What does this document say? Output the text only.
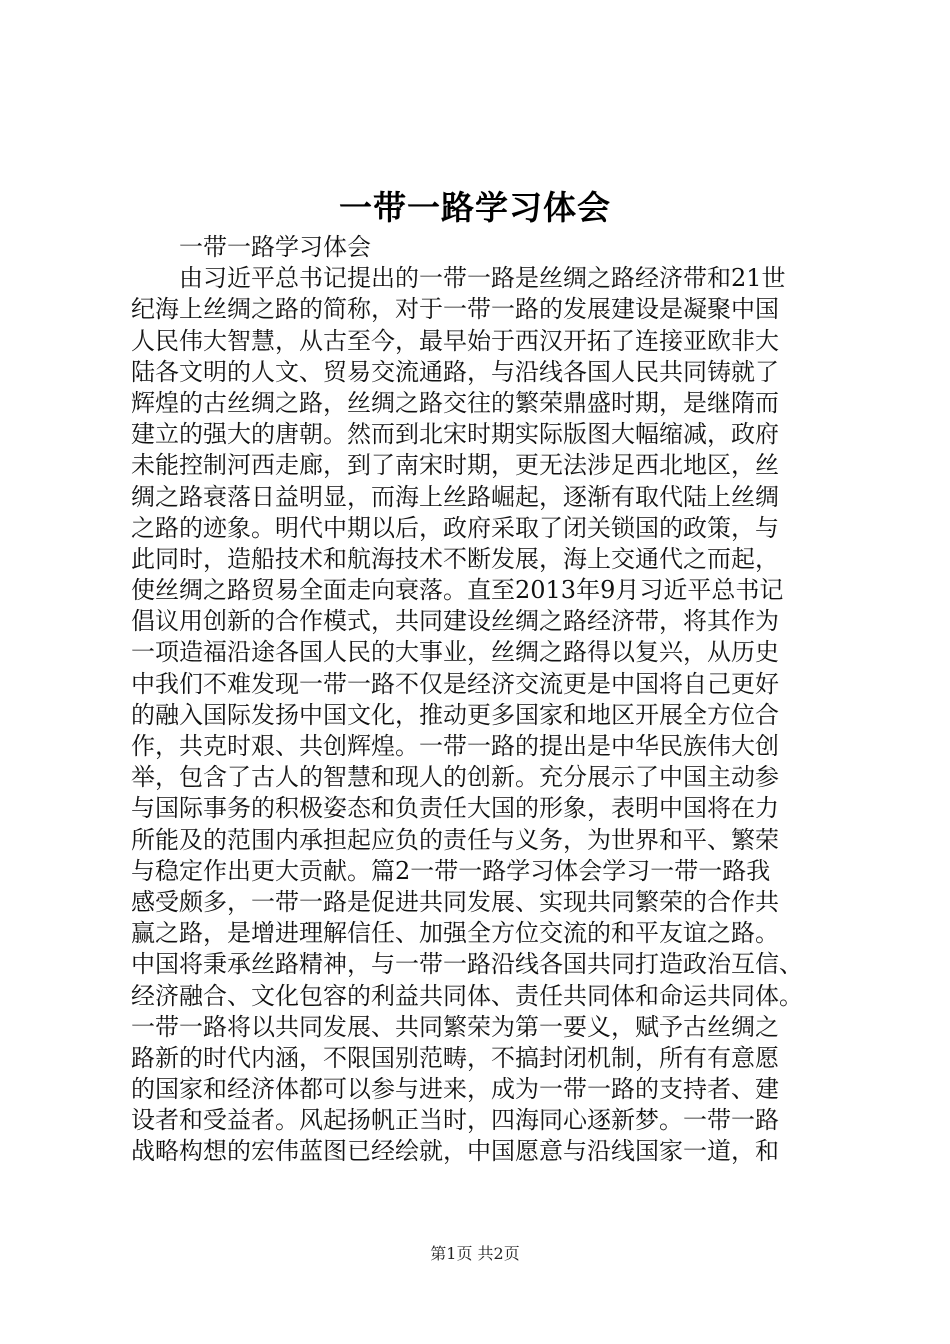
一带一路学习体会
一带一路学习体会
由习近平总书记提出的一带一路是丝绸之路经济带和21世
纪海上丝绸之路的简称，对于一带一路的发展建设是凝聚中国
人民伟大智慧，从古至今，最早始于西汉开拓了连接亚欧非大
陆各文明的人文、贸易交流通路，与沿线各国人民共同铸就了
辉煌的古丝绸之路，丝绸之路交往的繁荣鼎盛时期，是继隋而
建立的强大的唐朝。然而到北宋时期实际版图大幅缩减，政府
未能控制河西走廊，到了南宋时期，更无法涉足西北地区，丝
绸之路衰落日益明显，而海上丝路崛起，逐渐有取代陆上丝绸
之路的迹象。明代中期以后，政府采取了闭关锁国的政策，与
此同时，造船技术和航海技术不断发展，海上交通代之而起，
使丝绸之路贸易全面走向衰落。直至2013年9月习近平总书记
倡议用创新的合作模式，共同建设丝绸之路经济带，将其作为
一项造福沿途各国人民的大事业，丝绸之路得以复兴，从历史
中我们不难发现一带一路不仅是经济交流更是中国将自己更好
的融入国际发扬中国文化，推动更多国家和地区开展全方位合
作，共克时艰、共创辉煌。一带一路的提出是中华民族伟大创
举，包含了古人的智慧和现人的创新。充分展示了中国主动参
与国际事务的积极姿态和负责任大国的形象，表明中国将在力
所能及的范围内承担起应负的责任与义务，为世界和平、繁荣
与稳定作出更大贡献。篇2一带一路学习体会学习一带一路我
感受颇多，一带一路是促进共同发展、实现共同繁荣的合作共
赢之路，是增进理解信任、加强全方位交流的和平友谊之路。
中国将秉承丝路精神，与一带一路沿线各国共同打造政治互信、
经济融合、文化包容的利益共同体、责任共同体和命运共同体。
一带一路将以共同发展、共同繁荣为第一要义，赋予古丝绸之
路新的时代内涵，不限国别范畴，不搞封闭机制，所有有意愿
的国家和经济体都可以参与进来，成为一带一路的支持者、建
设者和受益者。风起扬帆正当时，四海同心逐新梦。一带一路
战略构想的宏伟蓝图已经绘就，中国愿意与沿线国家一道，和
第1页 共2页
